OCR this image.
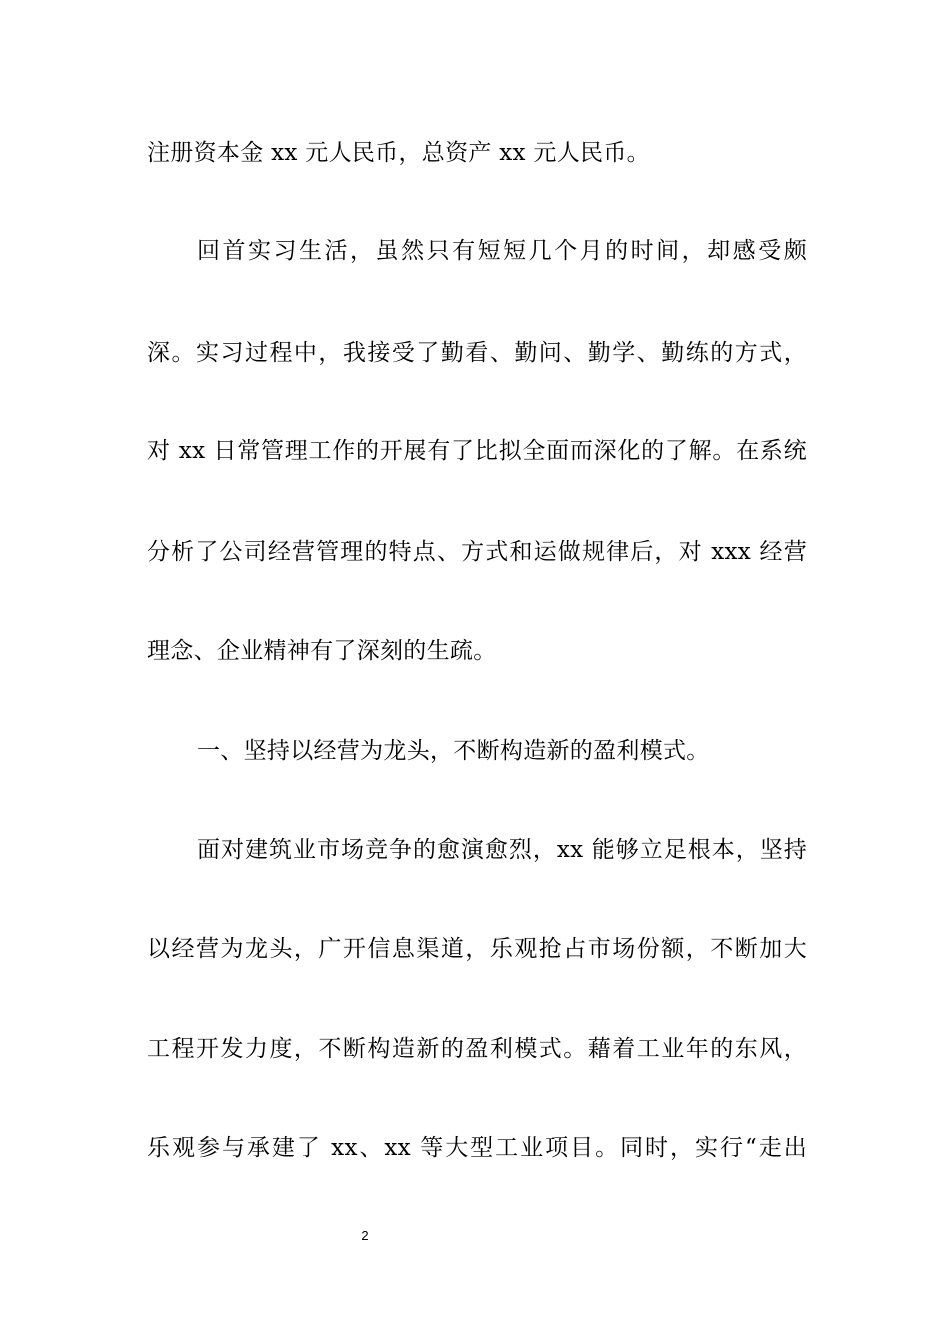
注册资本金 xx 元人民币，总资产 xx 元人民币。
回首实习生活，虽然只有短短几个月的时间，却感受颇
深。实习过程中，我接受了勤看、勤问、勤学、勤练的方式，
对 xx 日常管理工作的开展有了比拟全面而深化的了解。在系统
分析了公司经营管理的特点、方式和运做规律后，对 xxx 经营
理念、企业精神有了深刻的生疏。
一、坚持以经营为龙头，不断构造新的盈利模式。
面对建筑业市场竞争的愈演愈烈，xx 能够立足根本，坚持
以经营为龙头，广开信息渠道，乐观抢占市场份额，不断加大
工程开发力度，不断构造新的盈利模式。藉着工业年的东风，
乐观参与承建了 xx、xx 等大型工业项目。同时，实行“走出
2
